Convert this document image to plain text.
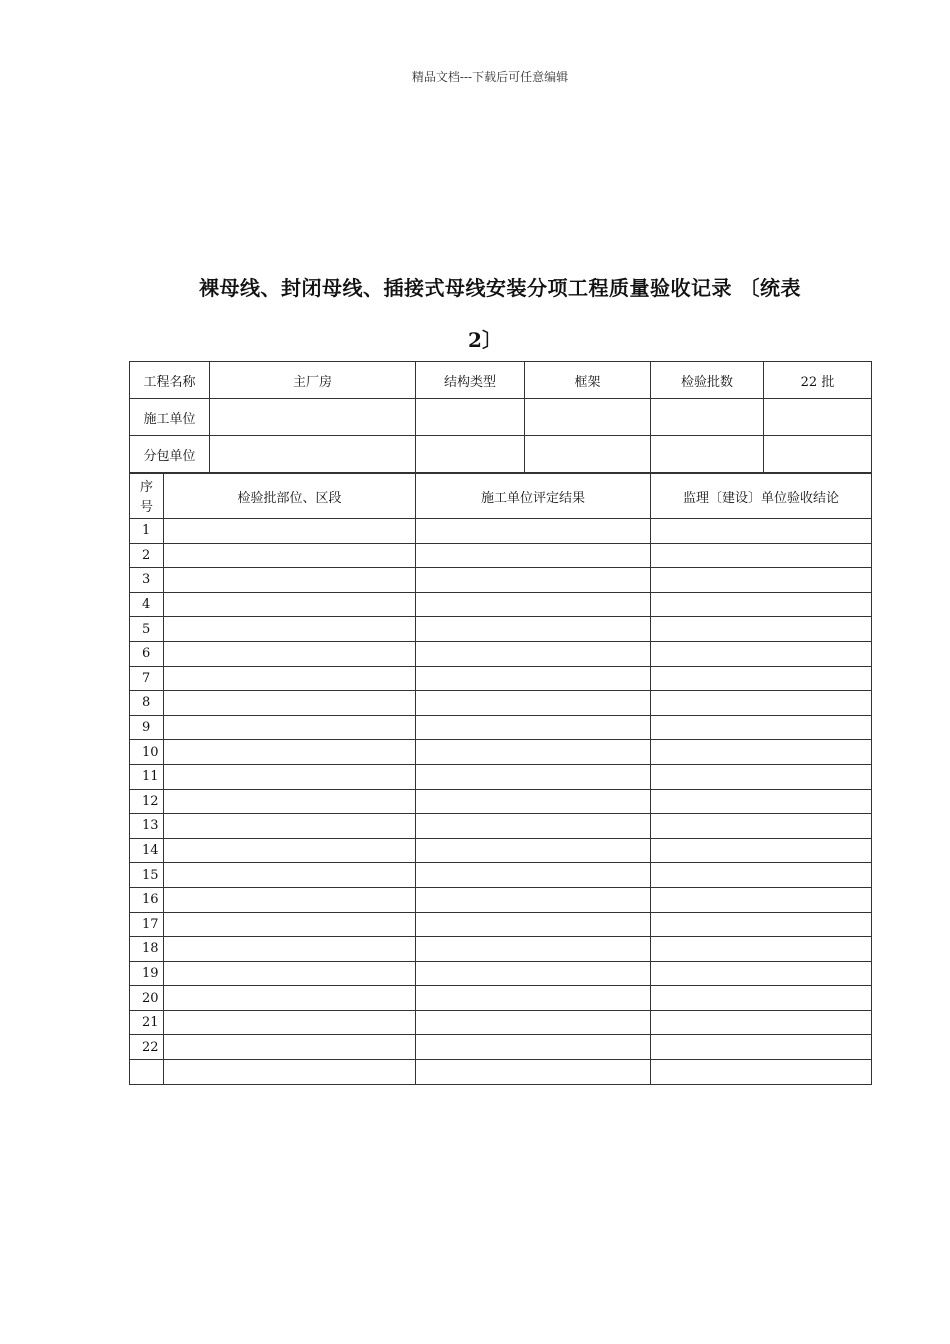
精品文档---下载后可任意编辑
裸母线、封闭母线、插接式母线安装分项工程质量验收记录 〔统表
2〕
工程名称	主厂房	结构类型	框架	检验批数	22 批
施工单位					
分包单位					
序号	检验批部位、区段	施工单位评定结果	监理〔建设〕单位验收结论
1			
2			
3			
4			
5			
6			
7			
8			
9			
10			
11			
12			
13			
14			
15			
16			
17			
18			
19			
20			
21			
22			
